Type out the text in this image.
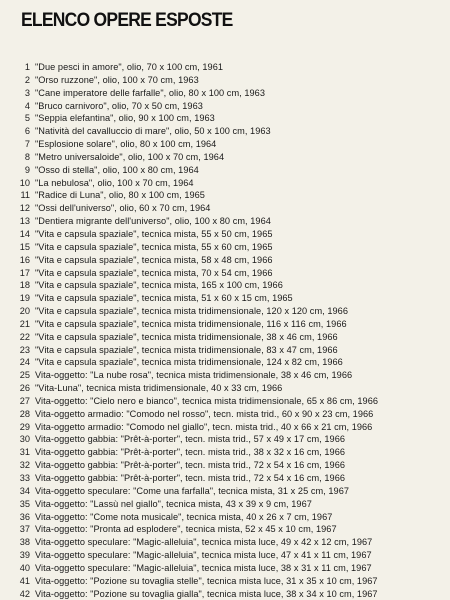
ELENCO OPERE ESPOSTE
1 "Due pesci in amore", olio, 70 x 100 cm, 1961
2 "Orso ruzzone", olio, 100 x 70 cm, 1963
3 "Cane imperatore delle farfalle", olio, 80 x 100 cm, 1963
4 "Bruco carnivoro", olio, 70 x 50 cm, 1963
5 "Seppia elefantina", olio, 90 x 100 cm, 1963
6 "Natività del cavalluccio di mare", olio, 50 x 100 cm, 1963
7 "Esplosione solare", olio, 80 x 100 cm, 1964
8 "Metro universaloide", olio, 100 x 70 cm, 1964
9 "Osso di stella", olio, 100 x 80 cm, 1964
10 "La nebulosa", olio, 100 x 70 cm, 1964
11 "Radice di Luna", olio, 80 x 100 cm, 1965
12 "Ossi dell'universo", olio, 60 x 70 cm, 1964
13 "Dentiera migrante dell'universo", olio, 100 x 80 cm, 1964
14 "Vita e capsula spaziale", tecnica mista, 55 x 50 cm, 1965
15 "Vita e capsula spaziale", tecnica mista, 55 x 60 cm, 1965
16 "Vita e capsula spaziale", tecnica mista, 58 x 48 cm, 1966
17 "Vita e capsula spaziale", tecnica mista, 70 x 54 cm, 1966
18 "Vita e capsula spaziale", tecnica mista, 165 x 100 cm, 1966
19 "Vita e capsula spaziale", tecnica mista, 51 x 60 x 15 cm, 1965
20 "Vita e capsula spaziale", tecnica mista tridimensionale, 120 x 120 cm, 1966
21 "Vita e capsula spaziale", tecnica mista tridimensionale, 116 x 116 cm, 1966
22 "Vita e capsula spaziale", tecnica mista tridimensionale, 38 x 46 cm, 1966
23 "Vita e capsula spaziale", tecnica mista tridimensionale, 83 x 47 cm, 1966
24 "Vita e capsula spaziale", tecnica mista tridimensionale, 124 x 82 cm, 1966
25 Vita-oggetto: "La nube rosa", tecnica mista tridimensionale, 38 x 46 cm, 1966
26 "Vita-Luna", tecnica mista tridimensionale, 40 x 33 cm, 1966
27 Vita-oggetto: "Cielo nero e bianco", tecnica mista tridimensionale, 65 x 86 cm, 1966
28 Vita-oggetto armadio: "Comodo nel rosso", tecn. mista trid., 60 x 90 x 23 cm, 1966
29 Vita-oggetto armadio: "Comodo nel giallo", tecn. mista trid., 40 x 66 x 21 cm, 1966
30 Vita-oggetto gabbia: "Prêt-à-porter", tecn. mista trid., 57 x 49 x 17 cm, 1966
31 Vita-oggetto gabbia: "Prêt-à-porter", tecn. mista trid., 38 x 32 x 16 cm, 1966
32 Vita-oggetto gabbia: "Prêt-à-porter", tecn. mista trid., 72 x 54 x 16 cm, 1966
33 Vita-oggetto gabbia: "Prêt-à-porter", tecn. mista trid., 72 x 54 x 16 cm, 1966
34 Vita-oggetto speculare: "Come una farfalla", tecnica mista, 31 x 25 cm, 1967
35 Vita-oggetto: "Lassù nel giallo", tecnica mista, 43 x 39 x 9 cm, 1967
36 Vita-oggetto: "Come nota musicale", tecnica mista, 40 x 26 x 7 cm, 1967
37 Vita-oggetto: "Pronta ad esplodere", tecnica mista, 52 x 45 x 10 cm, 1967
38 Vita-oggetto speculare: "Magic-alleluia", tecnica mista luce, 49 x 42 x 12 cm, 1967
39 Vita-oggetto speculare: "Magic-alleluia", tecnica mista luce, 47 x 41 x 11 cm, 1967
40 Vita-oggetto speculare: "Magic-alleluia", tecnica mista luce, 38 x 31 x 11 cm, 1967
41 Vita-oggetto: "Pozione su tovaglia stelle", tecnica mista luce, 31 x 35 x 10 cm, 1967
42 Vita-oggetto: "Pozione su tovaglia gialla", tecnica mista luce, 38 x 34 x 10 cm, 1967
